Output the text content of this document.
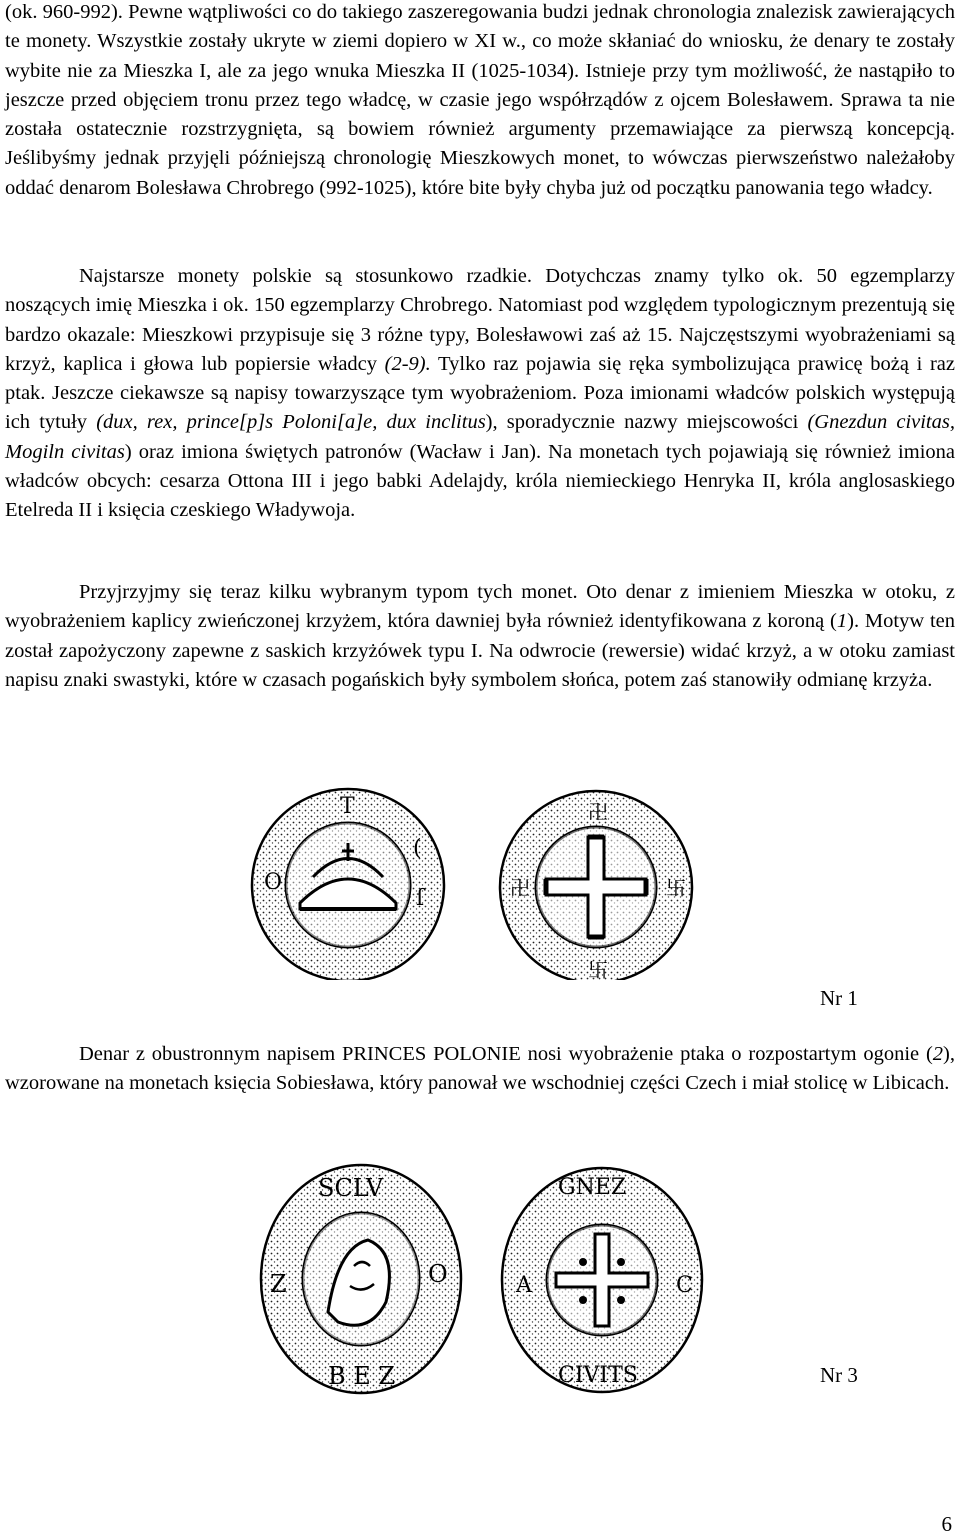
(ok. 960-992). Pewne wątpliwości co do takiego zaszeregowania budzi jednak chronologia znalezisk zawierających te monety. Wszystkie zostały ukryte w ziemi dopiero w XI w., co może skłaniać do wniosku, że denary te zostały wybite nie za Mieszka I, ale za jego wnuka Mieszka II (1025-1034). Istnieje przy tym możliwość, że nastąpiło to jeszcze przed objęciem tronu przez tego władcę, w czasie jego współrządów z ojcem Bolesławem. Sprawa ta nie została ostatecznie rozstrzygnięta, są bowiem również argumenty przemawiające za pierwszą koncepcją. Jeślibyśmy jednak przyjęli późniejszą chronologię Mieszkowych monet, to wówczas pierwszeństwo należałoby oddać denarom Bolesława Chrobrego (992-1025), które bite były chyba już od początku panowania tego władcy.

Najstarsze monety polskie są stosunkowo rzadkie. Dotychczas znamy tylko ok. 50 egzemplarzy noszących imię Mieszka i ok. 150 egzemplarzy Chrobrego. Natomiast pod względem typologicznym prezentują się bardzo okazale: Mieszkowi przypisuje się 3 różne typy, Bolesławowi zaś aż 15. Najczęstszymi wyobrażeniami są krzyż, kaplica i głowa lub popiersie władcy (2-9). Tylko raz pojawia się ręka symbolizująca prawicę bożą i raz ptak. Jeszcze ciekawsze są napisy towarzyszące tym wyobrażeniom. Poza imionami władców polskich występują ich tytuły (dux, rex, prince[p]s Poloni[a]e, dux inclitus), sporadycznie nazwy miejscowości (Gnezdun civitas, Mogiln civitas) oraz imiona świętych patronów (Wacław i Jan). Na monetach tych pojawiają się również imiona władców obcych: cesarza Ottona III i jego babki Adelajdy, króla niemieckiego Henryka II, króla anglosaskiego Etelreda II i księcia czeskiego Władywoja.

Przyjrzyjmy się teraz kilku wybranym typom tych monet. Oto denar z imieniem Mieszka w otoku, z wyobrażeniem kaplicy zwieńczonej krzyżem, która dawniej była również identyfikowana z koroną (1). Motyw ten został zapożyczony zapewne z saskich krzyżówek typu I. Na odwrocie (rewersie) widać krzyż, a w otoku zamiast napisu znaki swastyki, które w czasach pogańskich były symbolem słońca, potem zaś stanowiły odmianę krzyża.

T
O
(
ſ
卍
卍	卐
卐
Nr 1

Denar z obustronnym napisem PRINCES POLONIE nosi wyobrażenie ptaka o rozpostartym ogonie (2), wzorowane na monetach księcia Sobiesława, który panował we wschodniej części Czech i miał stolicę w Libicach.

SCLV
Z	O
B E Z
GNEZ
A	C
CIVITS	Nr 3
6
